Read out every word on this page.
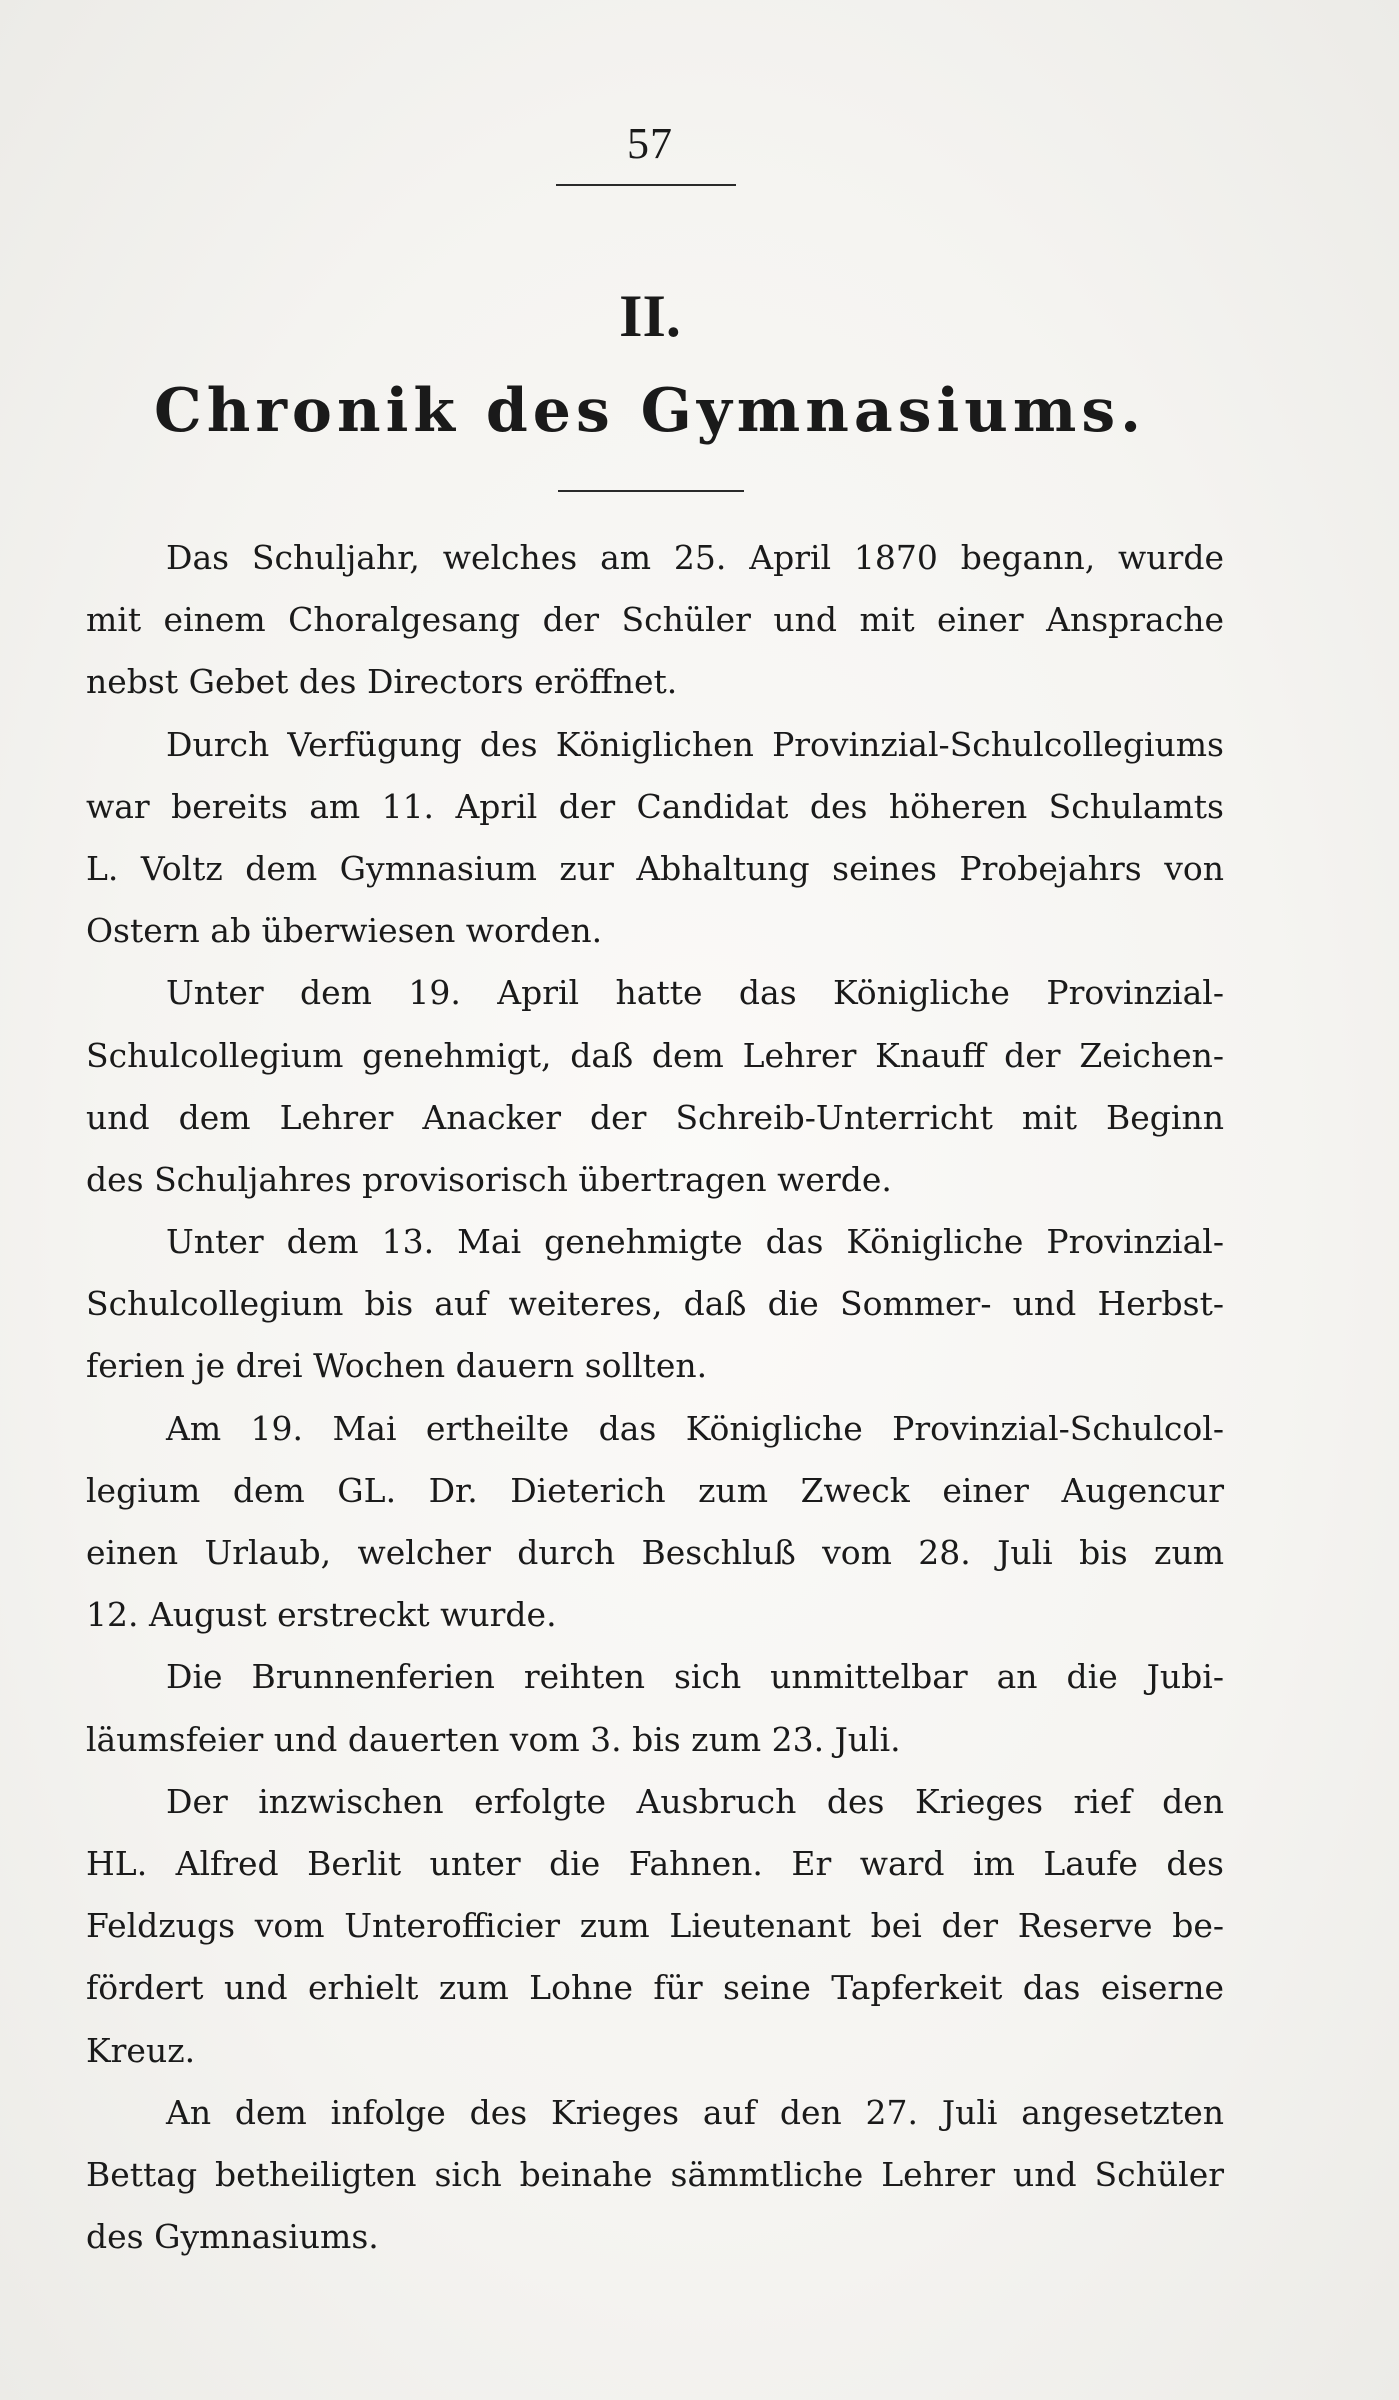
57
II.
Chronik des Gymnasiums.
Das Schuljahr, welches am 25. April 1870 begann, wurde
mit einem Choralgesang der Schüler und mit einer Ansprache
nebst Gebet des Directors eröffnet.
Durch Verfügung des Königlichen Provinzial-Schulcollegiums
war bereits am 11. April der Candidat des höheren Schulamts
L. Voltz dem Gymnasium zur Abhaltung seines Probejahrs von
Ostern ab überwiesen worden.
Unter dem 19. April hatte das Königliche Provinzial-
Schulcollegium genehmigt, daß dem Lehrer Knauff der Zeichen-
und dem Lehrer Anacker der Schreib-Unterricht mit Beginn
des Schuljahres provisorisch übertragen werde.
Unter dem 13. Mai genehmigte das Königliche Provinzial-
Schulcollegium bis auf weiteres, daß die Sommer- und Herbst-
ferien je drei Wochen dauern sollten.
Am 19. Mai ertheilte das Königliche Provinzial-Schulcol-
legium dem GL. Dr. Dieterich zum Zweck einer Augencur
einen Urlaub, welcher durch Beschluß vom 28. Juli bis zum
12. August erstreckt wurde.
Die Brunnenferien reihten sich unmittelbar an die Jubi-
läumsfeier und dauerten vom 3. bis zum 23. Juli.
Der inzwischen erfolgte Ausbruch des Krieges rief den
HL. Alfred Berlit unter die Fahnen. Er ward im Laufe des
Feldzugs vom Unterofficier zum Lieutenant bei der Reserve be-
fördert und erhielt zum Lohne für seine Tapferkeit das eiserne
Kreuz.
An dem infolge des Krieges auf den 27. Juli angesetzten
Bettag betheiligten sich beinahe sämmtliche Lehrer und Schüler
des Gymnasiums.
